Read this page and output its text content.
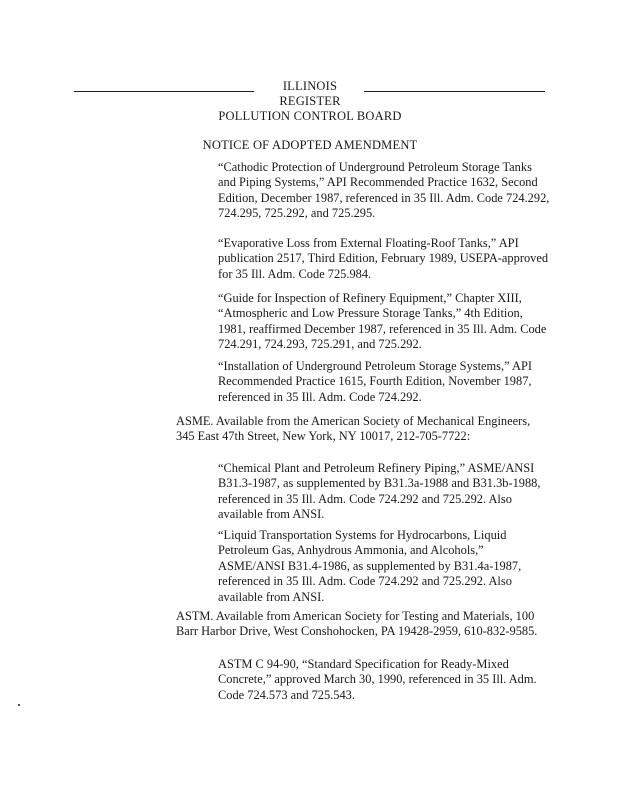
ILLINOIS REGISTER
POLLUTION CONTROL BOARD
NOTICE OF ADOPTED AMENDMENT
“Cathodic Protection of Underground Petroleum Storage Tanks
and Piping Systems,” API Recommended Practice 1632, Second
Edition, December 1987, referenced in 35 Ill. Adm. Code 724.292,
724.295, 725.292, and 725.295.
“Evaporative Loss from External Floating-Roof Tanks,” API
publication 2517, Third Edition, February 1989, USEPA-approved
for 35 Ill. Adm. Code 725.984.
“Guide for Inspection of Refinery Equipment,” Chapter XIII,
“Atmospheric and Low Pressure Storage Tanks,” 4th Edition,
1981, reaffirmed December 1987, referenced in 35 Ill. Adm. Code
724.291, 724.293, 725.291, and 725.292.
“Installation of Underground Petroleum Storage Systems,” API
Recommended Practice 1615, Fourth Edition, November 1987,
referenced in 35 Ill. Adm. Code 724.292.
ASME. Available from the American Society of Mechanical Engineers,
345 East 47th Street, New York, NY 10017, 212-705-7722:
“Chemical Plant and Petroleum Refinery Piping,” ASME/ANSI
B31.3-1987, as supplemented by B31.3a-1988 and B31.3b-1988,
referenced in 35 Ill. Adm. Code 724.292 and 725.292. Also
available from ANSI.
“Liquid Transportation Systems for Hydrocarbons, Liquid
Petroleum Gas, Anhydrous Ammonia, and Alcohols,”
ASME/ANSI B31.4-1986, as supplemented by B31.4a-1987,
referenced in 35 Ill. Adm. Code 724.292 and 725.292. Also
available from ANSI.
ASTM. Available from American Society for Testing and Materials, 100
Barr Harbor Drive, West Conshohocken, PA 19428-2959, 610-832-9585.
ASTM C 94-90, “Standard Specification for Ready-Mixed
Concrete,” approved March 30, 1990, referenced in 35 Ill. Adm.
Code 724.573 and 725.543.
